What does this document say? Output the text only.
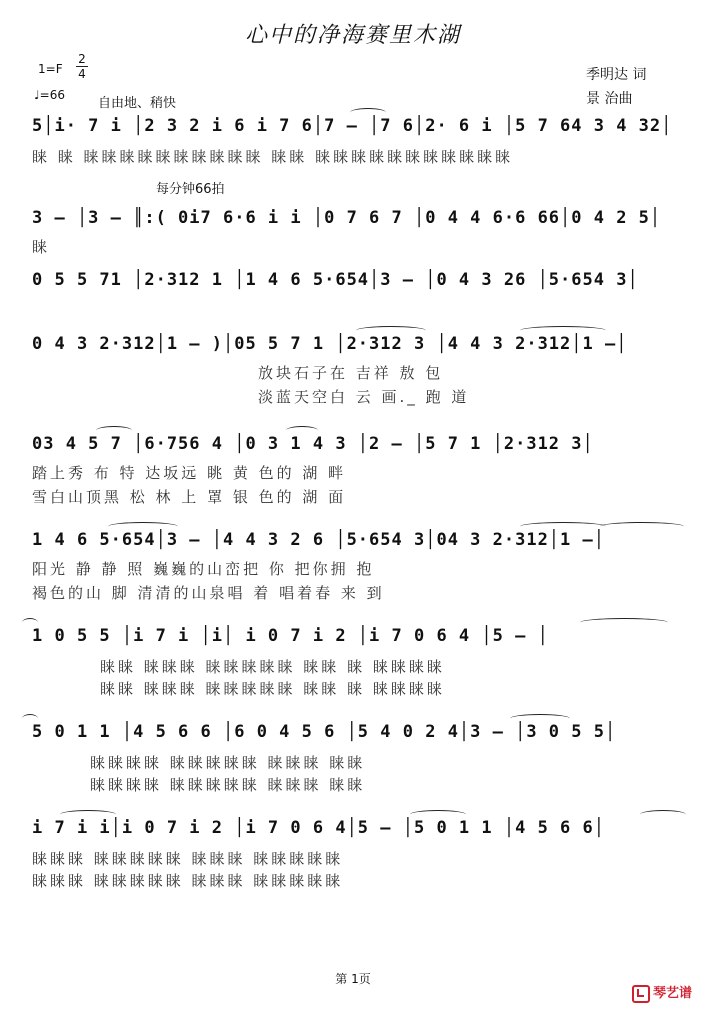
心中的净海赛里木湖
1=F
2
4
♩=66
自由地、稍快
季明达 词
景 治曲
每分钟66拍
5│i· 7 i │2 3 2 i 6 i 7 6│7 — │7 6│2· 6 i │5 7 64 3 4 32│
睐 睐 睐睐睐睐睐睐睐睐睐睐 睐睐 睐睐睐睐睐睐睐睐睐睐睐
3 — │3 — ║:( 0i7 6·6 i i │0 7 6 7 │0 4 4 6·6 66│0 4 2 5│
睐
0 5 5 71 │2·312 1 │1 4 6 5·654│3 — │0 4 3 26 │5·654 3│
0 4 3 2·312│1 — )│05 5 7 1 │2·312 3 │4 4 3 2·312│1 —│
放块石子在 吉祥 敖 包
淡蓝天空白 云 画._ 跑 道
03 4 5 7 │6·756 4 │0 3 1 4 3 │2 — │5 7 1 │2·312 3│
踏上秀 布 特 达坂远 眺 黄 色的 湖 畔
雪白山顶黑 松 林 上 罩 银 色的 湖 面
1 4 6 5·654│3 — │4 4 3 2 6 │5·654 3│04 3 2·312│1 —│
阳光 静 静 照 巍巍的山峦把 你 把你拥 抱
褐色的山 脚 清清的山泉唱 着 唱着春 来 到
1 0 5 5 │i 7 i │i│ i 0 7 i 2 │i 7 0 6 4 │5 — │
睐睐 睐睐睐 睐睐睐睐睐 睐睐 睐 睐睐睐睐
睐睐 睐睐睐 睐睐睐睐睐 睐睐 睐 睐睐睐睐
5 0 1 1 │4 5 6 6 │6 0 4 5 6 │5 4 0 2 4│3 — │3 0 5 5│
睐睐睐睐 睐睐睐睐睐 睐睐睐 睐睐
睐睐睐睐 睐睐睐睐睐 睐睐睐 睐睐
i 7 i i│i 0 7 i 2 │i 7 0 6 4│5 — │5 0 1 1 │4 5 6 6│
睐睐睐 睐睐睐睐睐 睐睐睐 睐睐睐睐睐
睐睐睐 睐睐睐睐睐 睐睐睐 睐睐睐睐睐
第 1页
琴艺谱
